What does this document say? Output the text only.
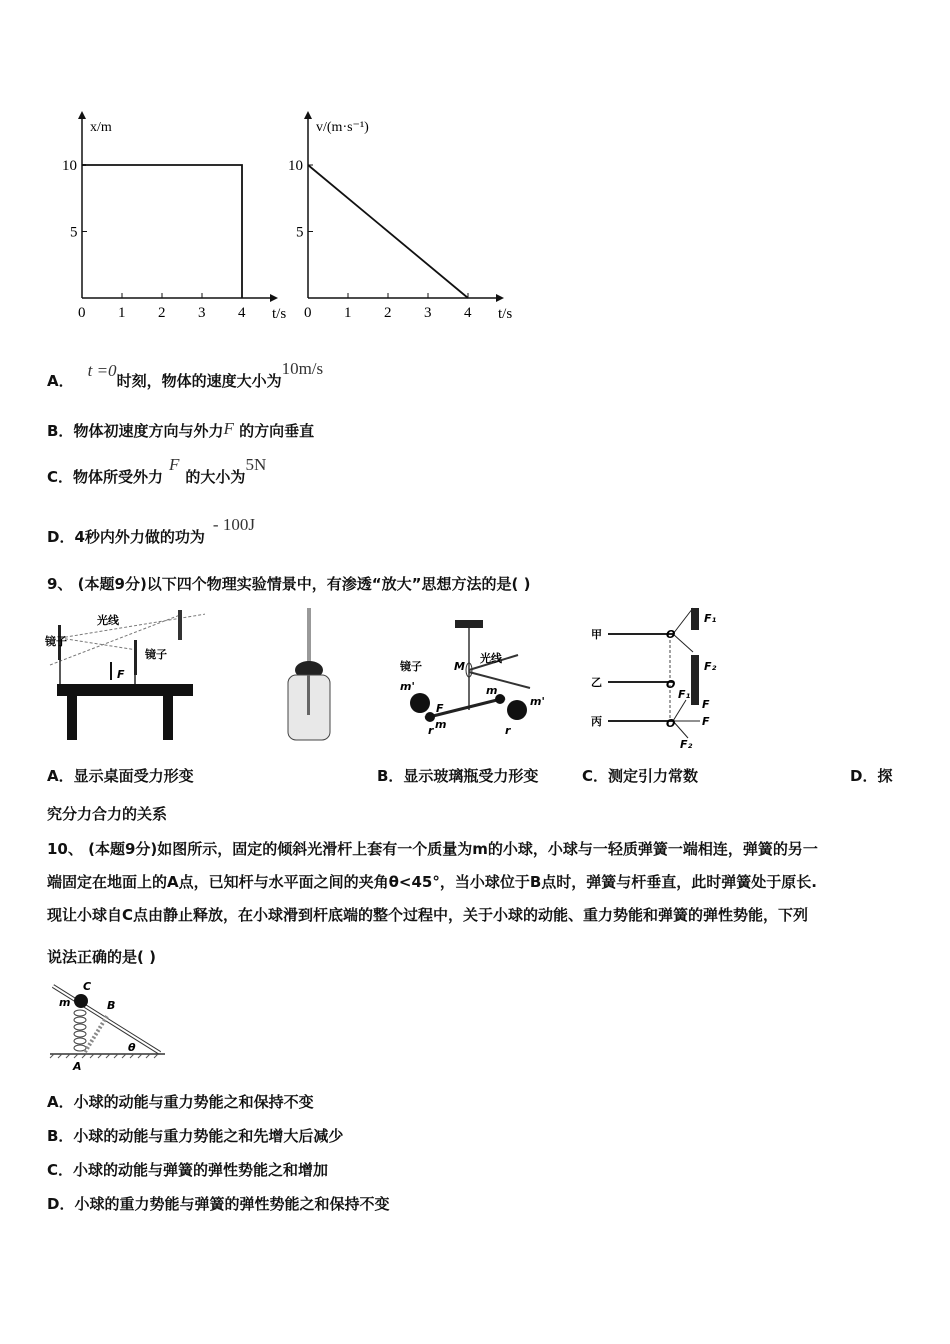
0 1 2 3 4
5
10
t/s
x/m
0 1 2 3 4
5
10
t/s
v/(m·s⁻¹)
A．t =0时刻，物体的速度大小为10m/s
B．物体初速度方向与外力F 的方向垂直
C．物体所受外力F的大小为5N
D．4秒内外力做的功为- 100J
9、 (本题9分)以下四个物理实验情景中，有渗透“放大”思想方法的是( )
镜子
光线
镜子
F
镜子	M
光线
m'
F
m
m
m'
r	r
甲
乙
丙
O
O
O
F₁
F₂
F
F₁
F
F₂
A．显示桌面受力形变	B．显示玻璃瓶受力形变	C．测定引力常数	D．探
究分力合力的关系
10、 (本题9分)如图所示，固定的倾斜光滑杆上套有一个质量为m的小球，小球与一轻质弹簧一端相连，弹簧的另一
端固定在地面上的A点，已知杆与水平面之间的夹角θ<45°，当小球位于B点时，弹簧与杆垂直，此时弹簧处于原长.
现让小球自C点由静止释放，在小球滑到杆底端的整个过程中，关于小球的动能、重力势能和弹簧的弹性势能，下列
说法正确的是( )
C
B
m
A
θ
A．小球的动能与重力势能之和保持不变
B．小球的动能与重力势能之和先增大后减少
C．小球的动能与弹簧的弹性势能之和增加
D．小球的重力势能与弹簧的弹性势能之和保持不变
